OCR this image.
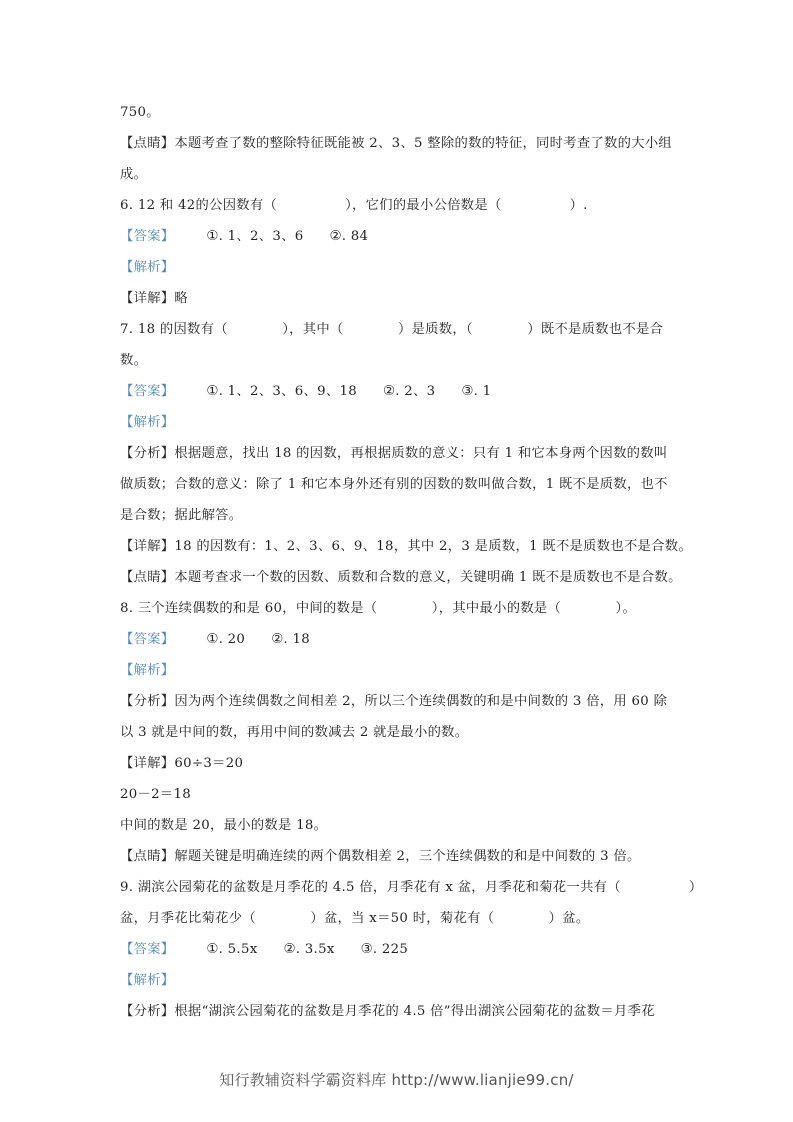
750。
【点睛】本题考查了数的整除特征既能被 2、3、5 整除的数的特征，同时考查了数的大小组
成。
6. 12 和 42的公因数有（　　　　　），它们的最小公倍数是（　　　　　）.
【答案】 ①. 1、2、3、6 ②. 84
【解析】
【详解】略
7. 18 的因数有（　　　　），其中（　　　　）是质数，（　　　　）既不是质数也不是合
数。
【答案】 ①. 1、2、3、6、9、18 ②. 2、3 ③. 1
【解析】
【分析】根据题意，找出 18 的因数，再根据质数的意义：只有 1 和它本身两个因数的数叫
做质数；合数的意义：除了 1 和它本身外还有别的因数的数叫做合数，1 既不是质数，也不
是合数；据此解答。
【详解】18 的因数有：1、2、3、6、9、18，其中 2，3 是质数，1 既不是质数也不是合数。
【点睛】本题考查求一个数的因数、质数和合数的意义，关键明确 1 既不是质数也不是合数。
8. 三个连续偶数的和是 60，中间的数是（　　　　），其中最小的数是（　　　　）。
【答案】 ①. 20 ②. 18
【解析】
【分析】因为两个连续偶数之间相差 2，所以三个连续偶数的和是中间数的 3 倍，用 60 除
以 3 就是中间的数，再用中间的数减去 2 就是最小的数。
【详解】60÷3＝20
20－2＝18
中间的数是 20，最小的数是 18。
【点睛】解题关键是明确连续的两个偶数相差 2，三个连续偶数的和是中间数的 3 倍。
9. 湖滨公园菊花的盆数是月季花的 4.5 倍，月季花有 x 盆，月季花和菊花一共有（　　　　　）
盆，月季花比菊花少（　　　　）盆，当 x＝50 时，菊花有（　　　　）盆。
【答案】 ①. 5.5x ②. 3.5x ③. 225
【解析】
【分析】根据“湖滨公园菊花的盆数是月季花的 4.5 倍”得出湖滨公园菊花的盆数＝月季花
知行教辅资料学霸资料库 http://www.lianjie99.cn/
